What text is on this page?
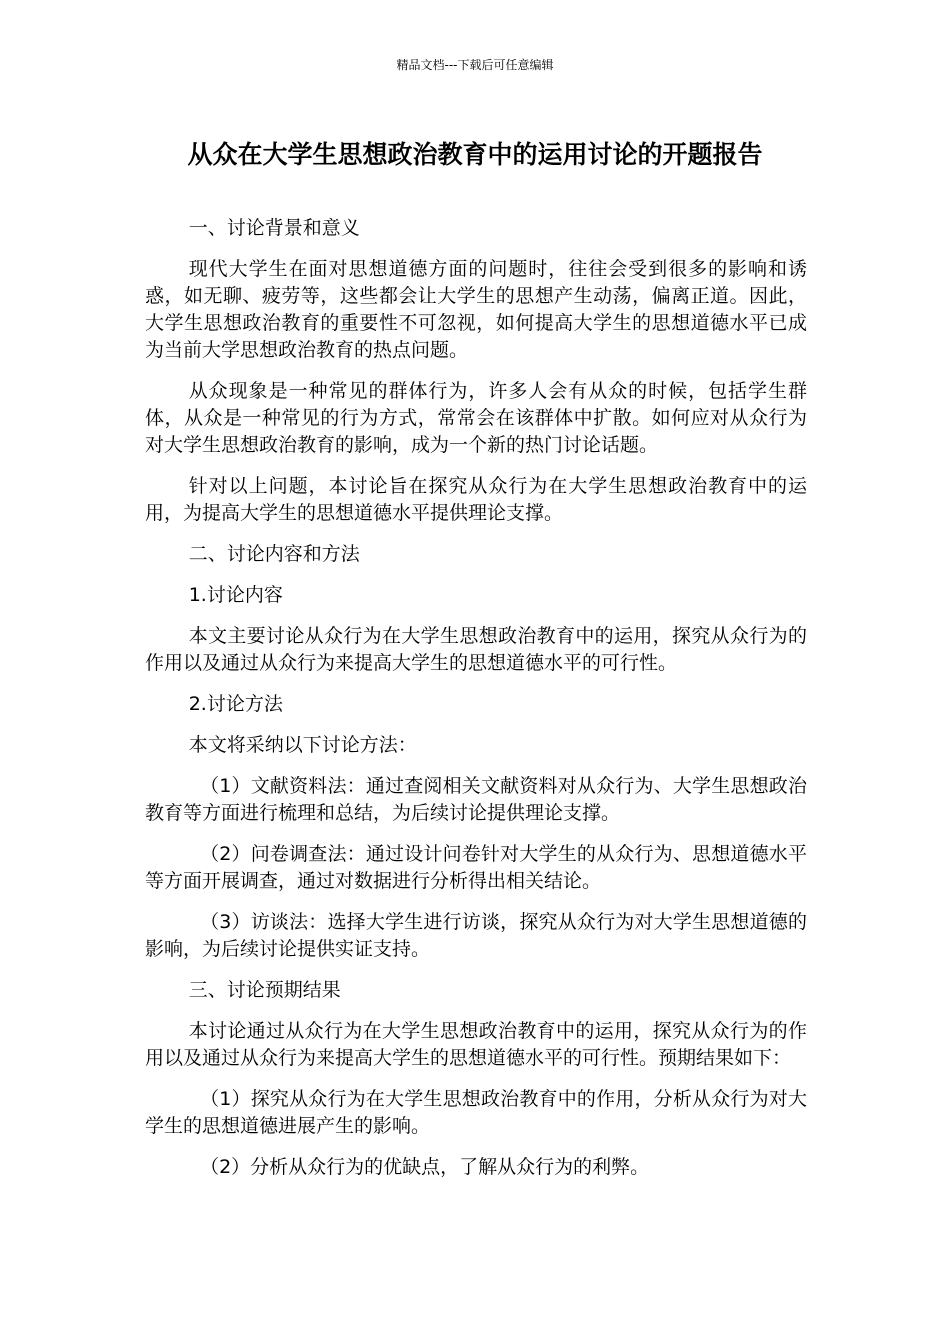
精品文档---下载后可任意编辑
从众在大学生思想政治教育中的运用讨论的开题报告

一、讨论背景和意义

现代大学生在面对思想道德方面的问题时，往往会受到很多的影响和诱惑，如无聊、疲劳等，这些都会让大学生的思想产生动荡，偏离正道。因此，大学生思想政治教育的重要性不可忽视，如何提高大学生的思想道德水平已成为当前大学思想政治教育的热点问题。

从众现象是一种常见的群体行为，许多人会有从众的时候，包括学生群体，从众是一种常见的行为方式，常常会在该群体中扩散。如何应对从众行为对大学生思想政治教育的影响，成为一个新的热门讨论话题。

针对以上问题，本讨论旨在探究从众行为在大学生思想政治教育中的运用，为提高大学生的思想道德水平提供理论支撑。

二、讨论内容和方法

1.讨论内容

本文主要讨论从众行为在大学生思想政治教育中的运用，探究从众行为的作用以及通过从众行为来提高大学生的思想道德水平的可行性。

2.讨论方法

本文将采纳以下讨论方法：

（1）文献资料法：通过查阅相关文献资料对从众行为、大学生思想政治教育等方面进行梳理和总结，为后续讨论提供理论支撑。

（2）问卷调查法：通过设计问卷针对大学生的从众行为、思想道德水平等方面开展调查，通过对数据进行分析得出相关结论。

（3）访谈法：选择大学生进行访谈，探究从众行为对大学生思想道德的影响，为后续讨论提供实证支持。

三、讨论预期结果

本讨论通过从众行为在大学生思想政治教育中的运用，探究从众行为的作用以及通过从众行为来提高大学生的思想道德水平的可行性。预期结果如下：

（1）探究从众行为在大学生思想政治教育中的作用，分析从众行为对大学生的思想道德进展产生的影响。

（2）分析从众行为的优缺点，了解从众行为的利弊。
